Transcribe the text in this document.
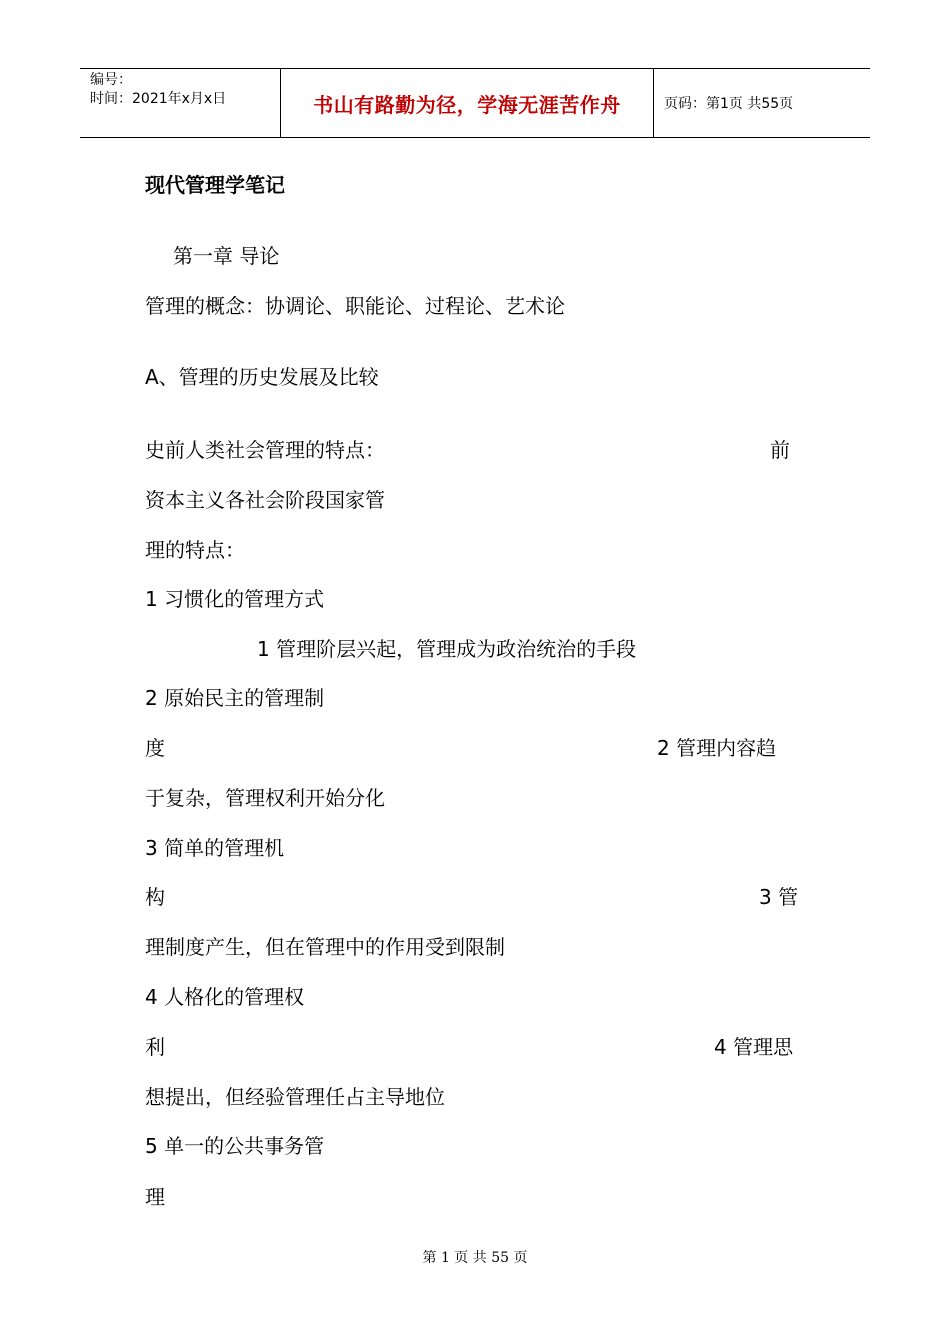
编号：
时间：2021年x月x日	书山有路勤为径，学海无涯苦作舟	页码：第1页 共55页
现代管理学笔记
第一章 导论
管理的概念：协调论、职能论、过程论、艺术论
A、管理的历史发展及比较
史前人类社会管理的特点：	前
资本主义各社会阶段国家管
理的特点：
1 习惯化的管理方式
1 管理阶层兴起，管理成为政治统治的手段
2 原始民主的管理制
度	2 管理内容趋
于复杂，管理权利开始分化
3 简单的管理机
构	3 管
理制度产生，但在管理中的作用受到限制
4 人格化的管理权
利	4 管理思
想提出，但经验管理任占主导地位
5 单一的公共事务管
理
第 1 页 共 55 页
